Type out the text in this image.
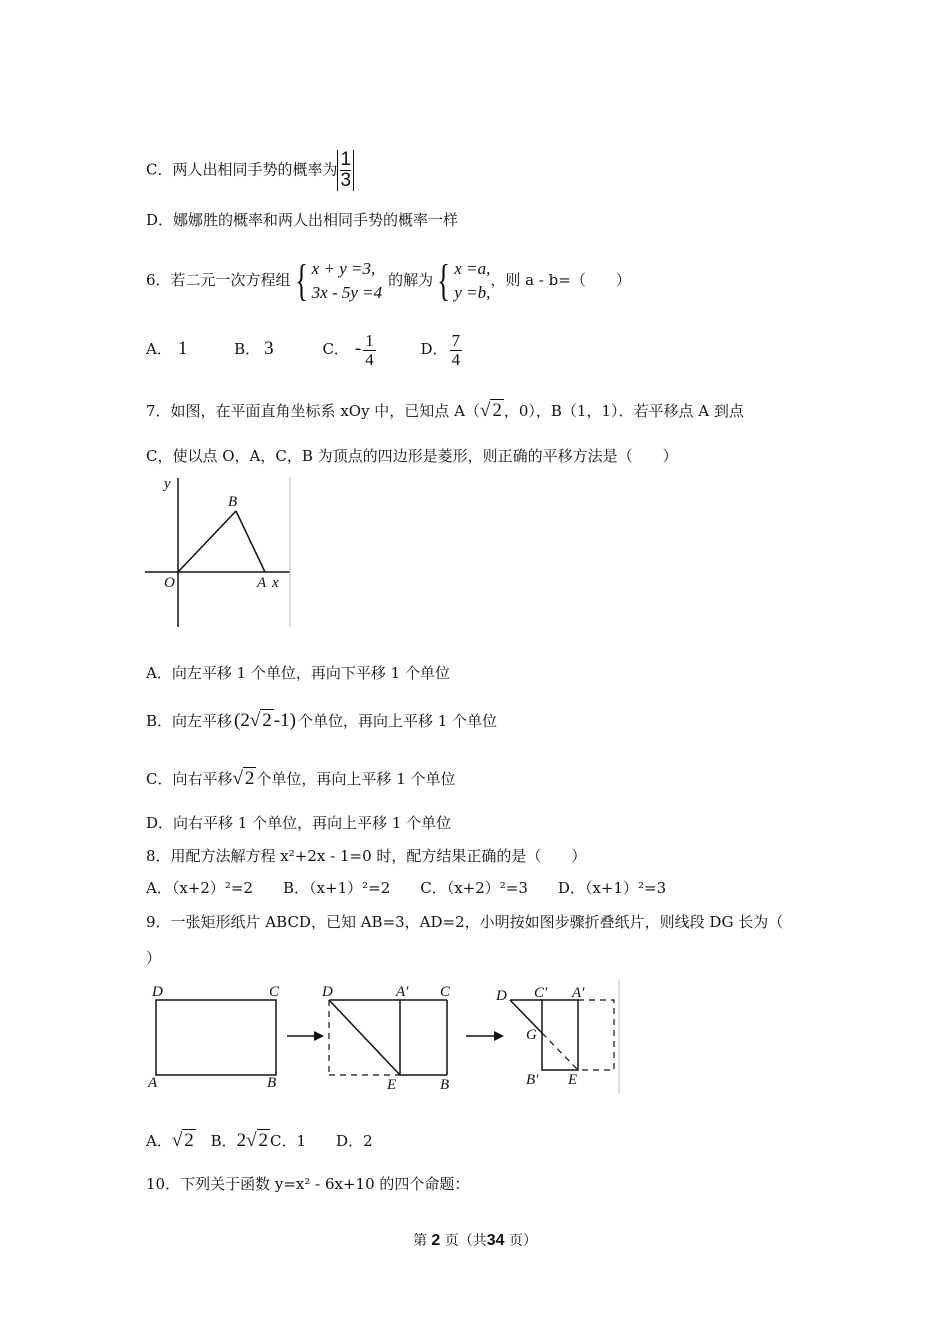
C．两人出相同手势的概率为 $\frac{1}{3}$
D．娜娜胜的概率和两人出相同手势的概率一样
6．若二元一次方程组{ x + y =3,
3x - 5y =4
的解为{ x =a,
y =b,
，则 a - b=（　　）
A． 1	B． 3	C． - $\frac{1}{4}$	D． $\frac{7}{4}$
7．如图，在平面直角坐标系 xOy 中，已知点 A（√ 2 ，0），B（1，1）．若平移点 A 到点
C，使以点 O，A，C，B 为顶点的四边形是菱形，则正确的平移方法是（　　）
y
B
O	A x
A．向左平移 1 个单位，再向下平移 1 个单位
B．向左平移 (2√ 2 -1) 个单位，再向上平移 1 个单位
C．向右平移√ 2 个单位，再向上平移 1 个单位
D．向右平移 1 个单位，再向上平移 1 个单位
8．用配方法解方程 x²+2x - 1=0 时，配方结果正确的是（　　）
A．（x+2）²=2　　B．（x+1）²=2　　C．（x+2）²=3　　D．（x+1）²=3
9．一张矩形纸片 ABCD，已知 AB=3，AD=2，小明按如图步骤折叠纸片，则线段 DG 长为（
）
D	C
A	B
D	A′ C
E	B
D C′ A′
G
B′ E
A．√ 2 B．2√ 2 C．1　　D．2
10．下列关于函数 y=x² - 6x+10 的四个命题：
第 2 页（共34 页）
